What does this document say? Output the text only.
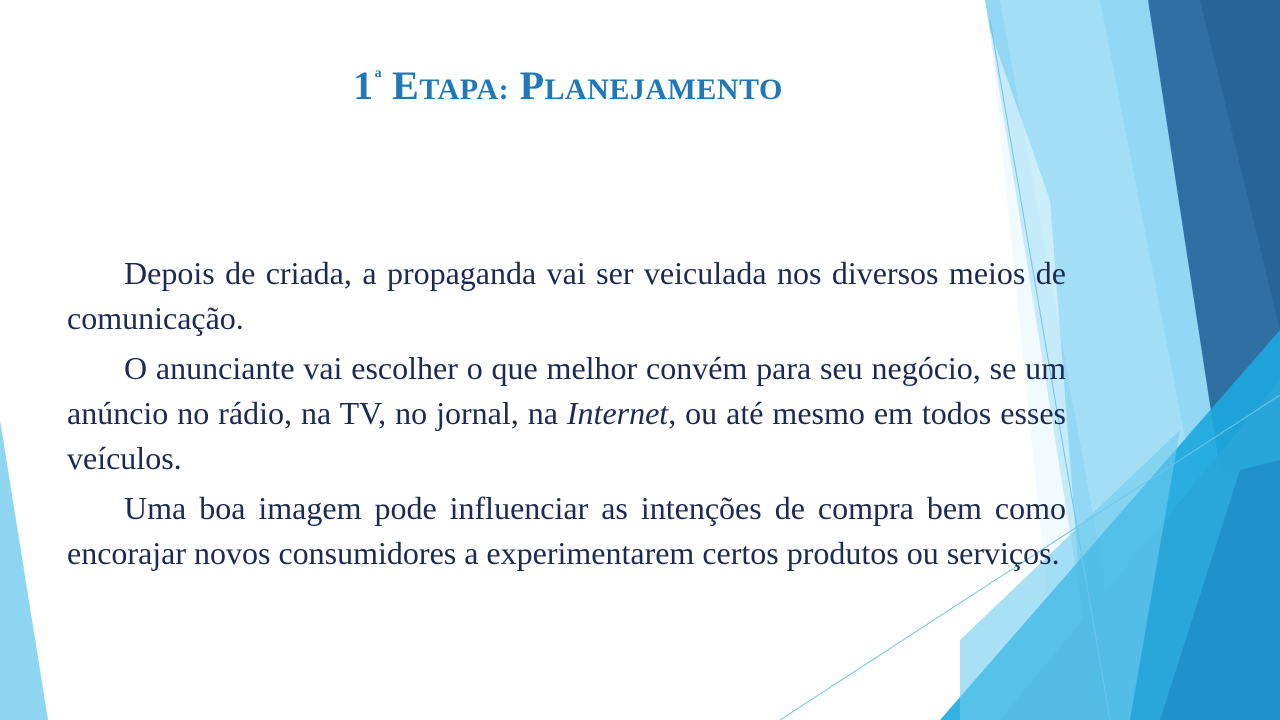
1$^a$ ETAPA: PLANEJAMENTO

Depois de criada, a propaganda vai ser veiculada nos diversos meios de comunicação.

O anunciante vai escolher o que melhor convém para seu negócio, se um anúncio no rádio, na TV, no jornal, na Internet, ou até mesmo em todos esses veículos.

Uma boa imagem pode influenciar as intenções de compra bem como encorajar novos consumidores a experimentarem certos produtos ou serviços.
